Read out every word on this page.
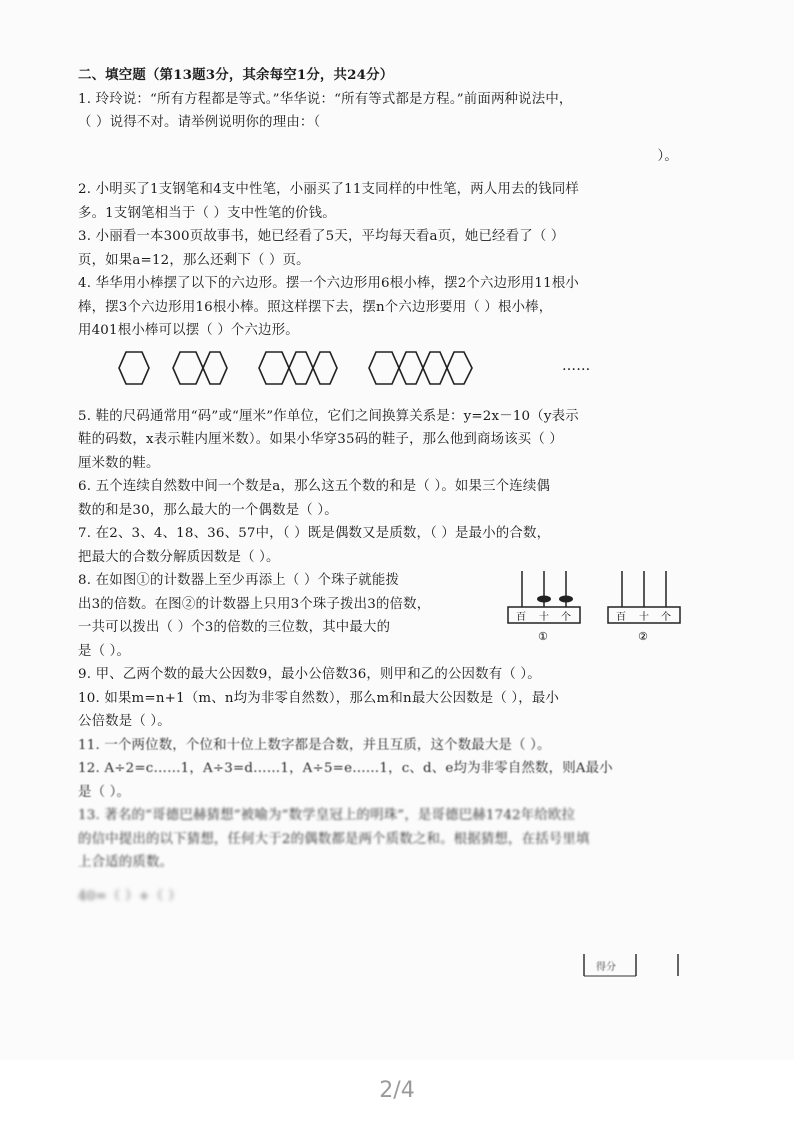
二、填空题（第13题3分，其余每空1分，共24分）
1. 玲玲说：“所有方程都是等式。”华华说：“所有等式都是方程。”前面两种说法中，
（ ）说得不对。请举例说明你的理由：（
）。
2. 小明买了1支钢笔和4支中性笔，小丽买了11支同样的中性笔，两人用去的钱同样
多。1支钢笔相当于（ ）支中性笔的价钱。
3. 小丽看一本300页故事书，她已经看了5天，平均每天看a页，她已经看了（ ）
页，如果a=12，那么还剩下（ ）页。
4. 华华用小棒摆了以下的六边形。摆一个六边形用6根小棒，摆2个六边形用11根小
棒，摆3个六边形用16根小棒。照这样摆下去，摆n个六边形要用（ ）根小棒，
用401根小棒可以摆（ ）个六边形。
……
5. 鞋的尺码通常用“码”或“厘米”作单位，它们之间换算关系是：y=2x－10（y表示
鞋的码数，x表示鞋内厘米数）。如果小华穿35码的鞋子，那么他到商场该买（ ）
厘米数的鞋。
6. 五个连续自然数中间一个数是a，那么这五个数的和是（ ）。如果三个连续偶
数的和是30，那么最大的一个偶数是（ ）。
7. 在2、3、4、18、36、57中，（ ）既是偶数又是质数，（ ）是最小的合数，
把最大的合数分解质因数是（ ）。
8. 在如图①的计数器上至少再添上（ ）个珠子就能拨
出3的倍数。在图②的计数器上只用3个珠子拨出3的倍数，
一共可以拨出（ ）个3的倍数的三位数，其中最大的
是（ ）。
百 十 个
①
百 十 个
②
9. 甲、乙两个数的最大公因数9，最小公倍数36，则甲和乙的公因数有（ ）。
10. 如果m=n+1（m、n均为非零自然数），那么m和n最大公因数是（ ），最小
公倍数是（ ）。
11. 一个两位数，个位和十位上数字都是合数，并且互质，这个数最大是（ ）。
12. A÷2=c……1，A÷3=d……1，A÷5=e……1，c、d、e均为非零自然数，则A最小
是（ ）。
13. 著名的“哥德巴赫猜想”被喻为“数学皇冠上的明珠”，是哥德巴赫1742年给欧拉
的信中提出的以下猜想，任何大于2的偶数都是两个质数之和。根据猜想，在括号里填
上合适的质数。
40=（ ）+（ ）
得分
2/4
